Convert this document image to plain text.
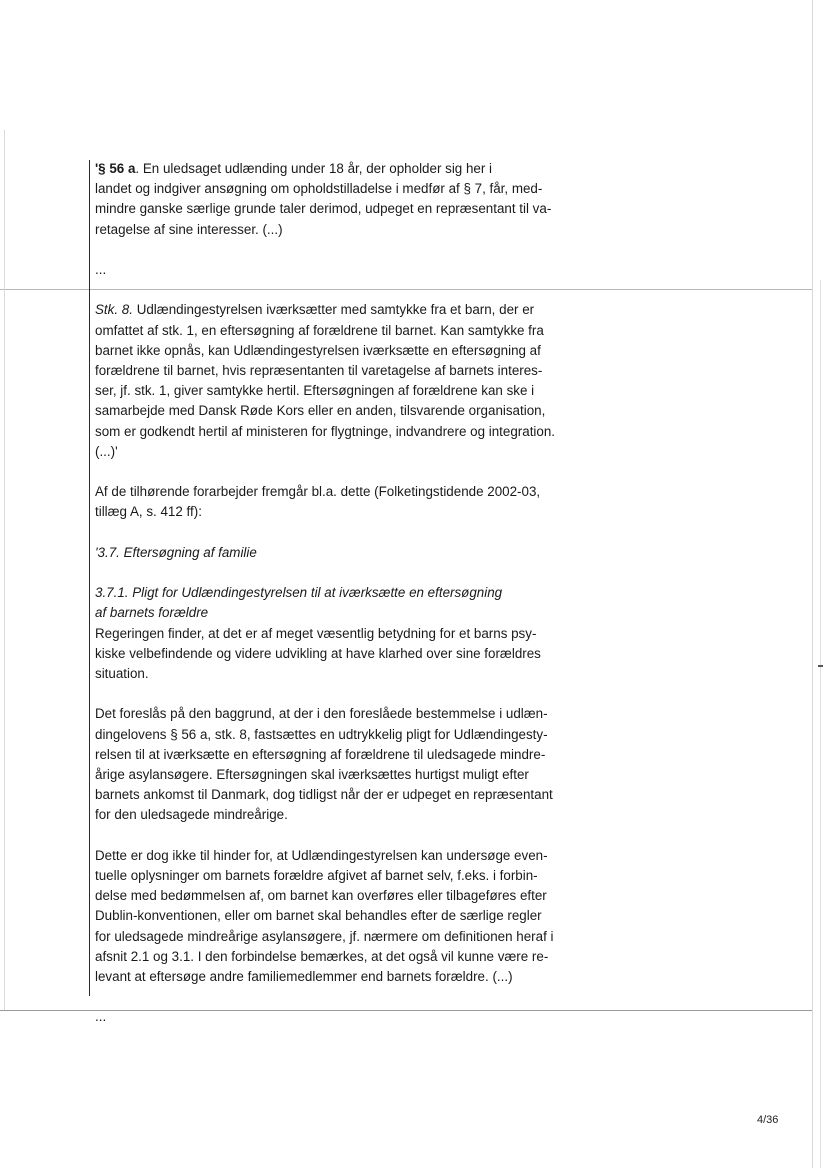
'§ 56 a. En uledsaget udlænding under 18 år, der opholder sig her i
landet og indgiver ansøgning om opholdstilladelse i medfør af § 7, får, med-
mindre ganske særlige grunde taler derimod, udpeget en repræsentant til va-
retagelse af sine interesser. (...)

...

Stk. 8. Udlændingestyrelsen iværksætter med samtykke fra et barn, der er
omfattet af stk. 1, en eftersøgning af forældrene til barnet. Kan samtykke fra
barnet ikke opnås, kan Udlændingestyrelsen iværksætte en eftersøgning af
forældrene til barnet, hvis repræsentanten til varetagelse af barnets interes-
ser, jf. stk. 1, giver samtykke hertil. Eftersøgningen af forældrene kan ske i
samarbejde med Dansk Røde Kors eller en anden, tilsvarende organisation,
som er godkendt hertil af ministeren for flygtninge, indvandrere og integration.
(...)'

Af de tilhørende forarbejder fremgår bl.a. dette (Folketingstidende 2002-03,
tillæg A, s. 412 ff):

'3.7. Eftersøgning af familie

3.7.1. Pligt for Udlændingestyrelsen til at iværksætte en eftersøgning
af barnets forældre
Regeringen finder, at det er af meget væsentlig betydning for et barns psy-
kiske velbefindende og videre udvikling at have klarhed over sine forældres
situation.

Det foreslås på den baggrund, at der i den foreslåede bestemmelse i udlæn-
dingelovens § 56 a, stk. 8, fastsættes en udtrykkelig pligt for Udlændingesty-
relsen til at iværksætte en eftersøgning af forældrene til uledsagede mindre-
årige asylansøgere. Eftersøgningen skal iværksættes hurtigst muligt efter
barnets ankomst til Danmark, dog tidligst når der er udpeget en repræsentant
for den uledsagede mindreårige.

Dette er dog ikke til hinder for, at Udlændingestyrelsen kan undersøge even-
tuelle oplysninger om barnets forældre afgivet af barnet selv, f.eks. i forbin-
delse med bedømmelsen af, om barnet kan overføres eller tilbageføres efter
Dublin-konventionen, eller om barnet skal behandles efter de særlige regler
for uledsagede mindreårige asylansøgere, jf. nærmere om definitionen heraf i
afsnit 2.1 og 3.1. I den forbindelse bemærkes, at det også vil kunne være re-
levant at eftersøge andre familiemedlemmer end barnets forældre. (...)

...

4/36
